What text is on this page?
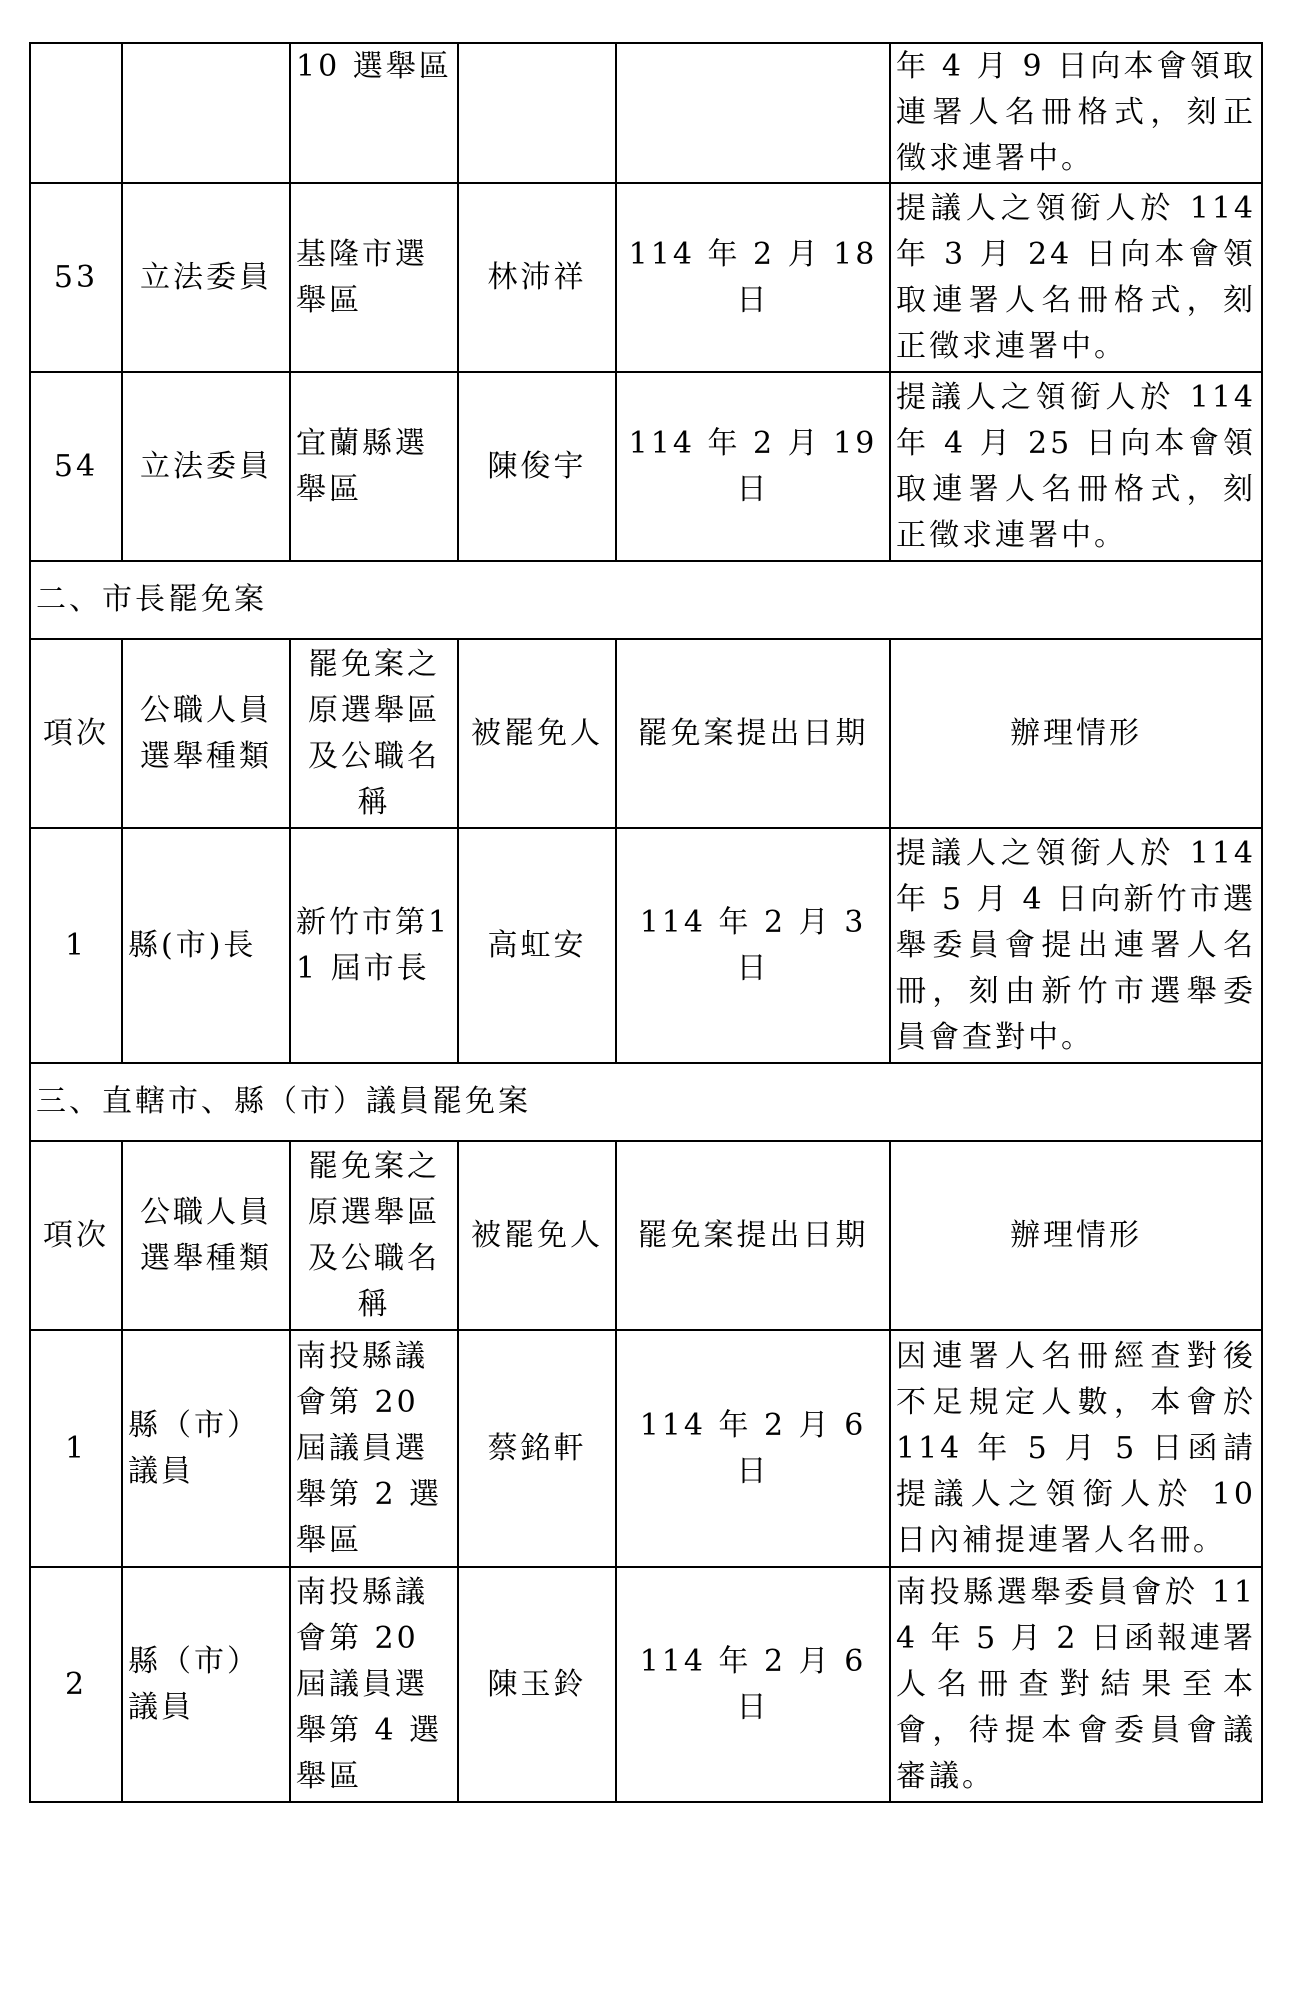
		10 選舉區			年 4 月 9 日向本會領取連署人名冊格式，刻正徵求連署中。
53	立法委員	基隆市選舉區	林沛祥	114 年 2 月 18 日	提議人之領銜人於 114 年 3 月 24 日向本會領取連署人名冊格式，刻正徵求連署中。
54	立法委員	宜蘭縣選舉區	陳俊宇	114 年 2 月 19 日	提議人之領銜人於 114 年 4 月 25 日向本會領取連署人名冊格式，刻正徵求連署中。
二、市長罷免案					
項次	公職人員選舉種類	罷免案之原選舉區及公職名稱	被罷免人	罷免案提出日期	辦理情形
1	縣(市)長	新竹市第11 屆市長	高虹安	114 年 2 月 3 日	提議人之領銜人於 114 年 5 月 4 日向新竹市選舉委員會提出連署人名冊，刻由新竹市選舉委員會查對中。
三、直轄市、縣（市）議員罷免案					
項次	公職人員選舉種類	罷免案之原選舉區及公職名稱	被罷免人	罷免案提出日期	辦理情形
1	縣（市）議員	南投縣議會第 20 屆議員選舉第 2 選舉區	蔡銘軒	114 年 2 月 6 日	因連署人名冊經查對後不足規定人數，本會於 114 年 5 月 5 日函請提議人之領銜人於 10 日內補提連署人名冊。
2	縣（市）議員	南投縣議會第 20 屆議員選舉第 4 選舉區	陳玉鈴	114 年 2 月 6 日	南投縣選舉委員會於 114 年 5 月 2 日函報連署人名冊查對結果至本會，待提本會委員會議審議。
